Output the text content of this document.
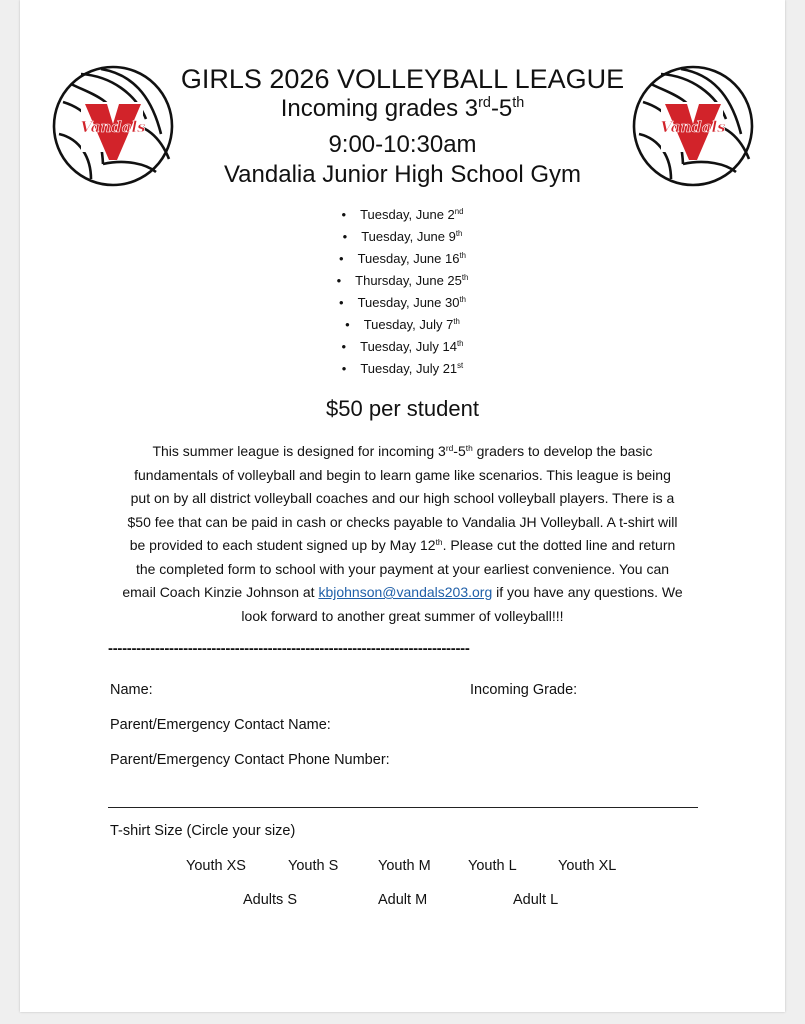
Vandals	Vandals
GIRLS 2026 VOLLEYBALL LEAGUE
Incoming grades 3rd-5th
9:00-10:30am
Vandalia Junior High School Gym
• Tuesday, June 2nd
• Tuesday, June 9th
• Tuesday, June 16th
• Thursday, June 25th
• Tuesday, June 30th
• Tuesday, July 7th
• Tuesday, July 14th
• Tuesday, July 21st
$50 per student
This summer league is designed for incoming 3rd-5th graders to develop the basic
fundamentals of volleyball and begin to learn game like scenarios. This league is being
put on by all district volleyball coaches and our high school volleyball players. There is a
$50 fee that can be paid in cash or checks payable to Vandalia JH Volleyball. A t-shirt will
be provided to each student signed up by May 12th. Please cut the dotted line and return
the completed form to school with your payment at your earliest convenience. You can
email Coach Kinzie Johnson at kbjohnson@vandals203.org if you have any questions. We
look forward to another great summer of volleyball!!!
-----------------------------------------------------------------------------
Name:	Incoming Grade:
Parent/Emergency Contact Name:
Parent/Emergency Contact Phone Number:
T-shirt Size (Circle your size)
Youth XS	Youth S	Youth M	Youth L	Youth XL
Adults S	Adult M	Adult L
